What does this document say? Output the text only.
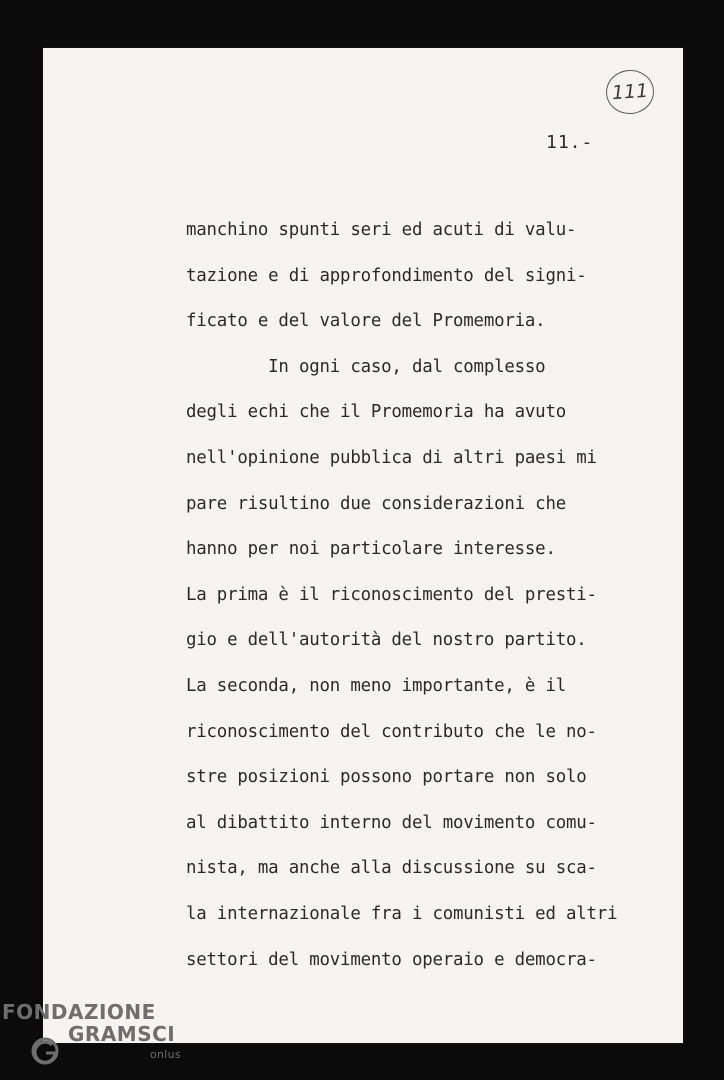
111
11.-
manchino spunti seri ed acuti di valu-
tazione e di approfondimento del signi-
ficato e del valore del Promemoria.
In ogni caso, dal complesso
degli echi che il Promemoria ha avuto
nell'opinione pubblica di altri paesi mi
pare risultino due considerazioni che
hanno per noi particolare interesse.
La prima è il riconoscimento del presti-
gio e dell'autorità del nostro partito.
La seconda, non meno importante, è il
riconoscimento del contributo che le no-
stre posizioni possono portare non solo
al dibattito interno del movimento comu-
nista, ma anche alla discussione su sca-
la internazionale fra i comunisti ed altri
settori del movimento operaio e democra-
FONDAZIONE
GRAMSCI
onlus
